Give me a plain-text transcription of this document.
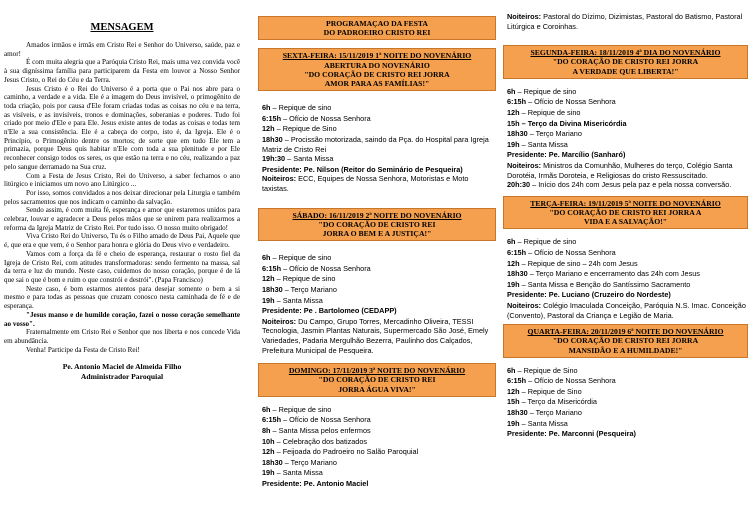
MENSAGEM

Amados irmãos e irmãs em Cristo Rei e Senhor do Universo, saúde, paz e amor!

É com muita alegria que a Paróquia Cristo Rei, mais uma vez convida você à sua digníssima família para participarem da Festa em louvor a Nosso Senhor Jesus Cristo, o Rei do Céu e da Terra.

Jesus Cristo é o Rei do Universo é a porta que o Pai nos abre para o caminho, a verdade e a vida. Ele é a imagem do Deus invisível, o primogênito de toda criação, pois por causa d'Ele foram criadas todas as coisas no céu e na terra, as visíveis, e as invisíveis, tronos e dominações, soberanias e poderes. Tudo foi criado por meio d'Ele e para Ele. Jesus existe antes de todas as coisas e todas tem n'Ele a sua consistência. Ele é a cabeça do corpo, isto é, da Igreja. Ele é o Princípio, o Primogênito dentre os mortos; de sorte que em tudo Ele tem a primazia, porque Deus quis habitar n'Ele com toda a sua plenitude e por Ele reconhecer consigo todos os seres, os que estão na terra e no céu, realizando a paz pelo sangue derramado na Sua cruz.

Com a Festa de Jesus Cristo, Rei do Universo, a saber fechamos o ano litúrgico e iniciamos um novo ano Litúrgico ...

Por isso, somos convidados a nos deixar direcionar pela Liturgia e também pelos sacramentos que nos indicam o caminho da salvação.

Sendo assim, é com muita fé, esperança e amor que estaremos unidos para celebrar, louvar e agradecer a Deus pelos mãos que se unirem para realizarmos a reforma da Igreja Matriz de Cristo Rei. Por tudo isso. O nosso muito obrigado!

Viva Cristo Rei do Universo, Tu és o Filho amado de Deus Pai, Aquele que é, que era e que vem, é o Senhor para honra e glória do Deus vivo e verdadeiro.

Vamos com a força da fé e cheio de esperança, restaurar o rosto fiel da Igreja de Cristo Rei, com atitudes transformadoras: sendo fermento na massa, sal da terra e luz do mundo. Neste caso, cuidemos do nosso coração, porque é de lá que sai o que é bom e ruim o que constrói e destrói". (Papa Francisco)

Neste caso, é bom estarmos atentos para desejar somente o bem a si mesmo e para todas as pessoas que cruzam conosco nesta caminhada de fé e de esperança.

"Jesus manso e de humilde coração, fazei o nosso coração semelhante ao vosso".

Fraternalmente em Cristo Rei e Senhor que nos liberta e nos concede Vida em abundância.

Venha! Participe da Festa de Cristo Rei!

Pe. Antonio Maciel de Almeida Filho
Administrador Paroquial
PROGRAMAÇAO DA FESTA
DO PADROEIRO CRISTO REI
SEXTA-FEIRA: 15/11/2019 1ª NOITE DO NOVENÁRIO
ABERTURA DO NOVENÁRIO
"DO CORAÇÃO DE CRISTO REI JORRA
AMOR PARA AS FAMÍLIAS!"
6h – Repique de sino
6:15h – Ofício de Nossa Senhora
12h – Repique de Sino
18h30 – Procissão motorizada, saindo da Pça. do Hospital para Igreja Matriz de Cristo Rei
19h:30 – Santa Missa
Presidente: Pe. Nilson (Reitor do Seminário de Pesqueira)
Noiteiros: ECC, Equipes de Nossa Senhora, Motoristas e Moto taxistas.
SÁBADO: 16/11/2019 2ª NOITE DO NOVENÁRIO
"DO CORAÇÃO DE CRISTO REI
JORRA O BEM E A JUSTIÇA!"
6h – Repique de sino
6:15h – Ofício de Nossa Senhora
12h – Repique de sino
18h30 – Terço Mariano
19h – Santa Missa
Presidente: Pe . Bartolomeo (CEDAPP)
Noiteiros: Du Campo, Grupo Torres, Mercadinho Oliveira, TESSI Tecnologia, Jasmin Plantas Naturais, Supermercado São José, Emely Variedades, Padaria Mergulhão Bezerra, Paulinho dos Calçados, Prefeitura Municipal de Pesqueira.
DOMINGO: 17/11/2019 3ª NOITE DO NOVENÁRIO
"DO CORAÇÃO DE CRISTO REI
JORRA ÁGUA VIVA!"
6h – Repique de sino
6:15h – Ofício de Nossa Senhora
8h – Santa Missa pelos enfermos
10h – Celebração dos batizados
12h – Feijoada do Padroeiro no Salão Paroquial
18h30 – Terço Mariano
19h – Santa Missa
Presidente: Pe. Antonio Maciel
Noiteiros: Pastoral do Dízimo, Dizimistas, Pastoral do Batismo, Pastoral Litúrgica e Coroinhas.
SEGUNDA-FEIRA: 18/11/2019 4ª DIA DO NOVENÁRIO
"DO CORAÇÃO DE CRISTO REI JORRA
A VERDADE QUE LIBERTA!"
6h – Repique de sino
6:15h – Ofício de Nossa Senhora
12h – Repique de sino
15h – Terço da Divina Misericórdia
18h30 – Terço Mariano
19h – Santa Missa
Presidente: Pe. Marcílio (Sanharó)
Noiteiros: Ministros da Comunhão, Mulheres do terço, Colégio Santa Dorotéia, Irmãs Doroteia, e Religiosas do cristo Ressuscitado.
20h:30 – Início dos 24h com Jesus pela paz e pela nossa conversão.
TERÇA-FEIRA: 19/11/2019 5ª NOITE DO NOVENÁRIO
"DO CORAÇÃO DE CRISTO REI JORRA A
VIDA E A SALVAÇÃO!"
6h – Repique de sino
6:15h – Ofício de Nossa Senhora
12h – Repique de sino – 24h com Jesus
18h30 – Terço Mariano e encerramento das 24h com Jesus
19h – Santa Missa e Benção do Santíssimo Sacramento
Presidente: Pe. Luciano (Cruzeiro do Nordeste)
Noiteiros: Colégio Imaculada Conceição, Paróquia N.S. Imac. Conceição (Convento), Pastoral da Criança e Legião de Maria.
QUARTA-FEIRA: 20/11/2019 6ª NOITE DO NOVENÁRIO
"DO CORAÇÃO DE CRISTO REI JORRA
MANSIDÃO E A HUMILDADE!"
6h – Repique de Sino
6:15h – Ofício de Nossa Senhora
12h – Repique de Sino
15h – Terço da Misericórdia
18h30 – Terço Mariano
19h – Santa Missa
Presidente: Pe. Marconni (Pesqueira)
